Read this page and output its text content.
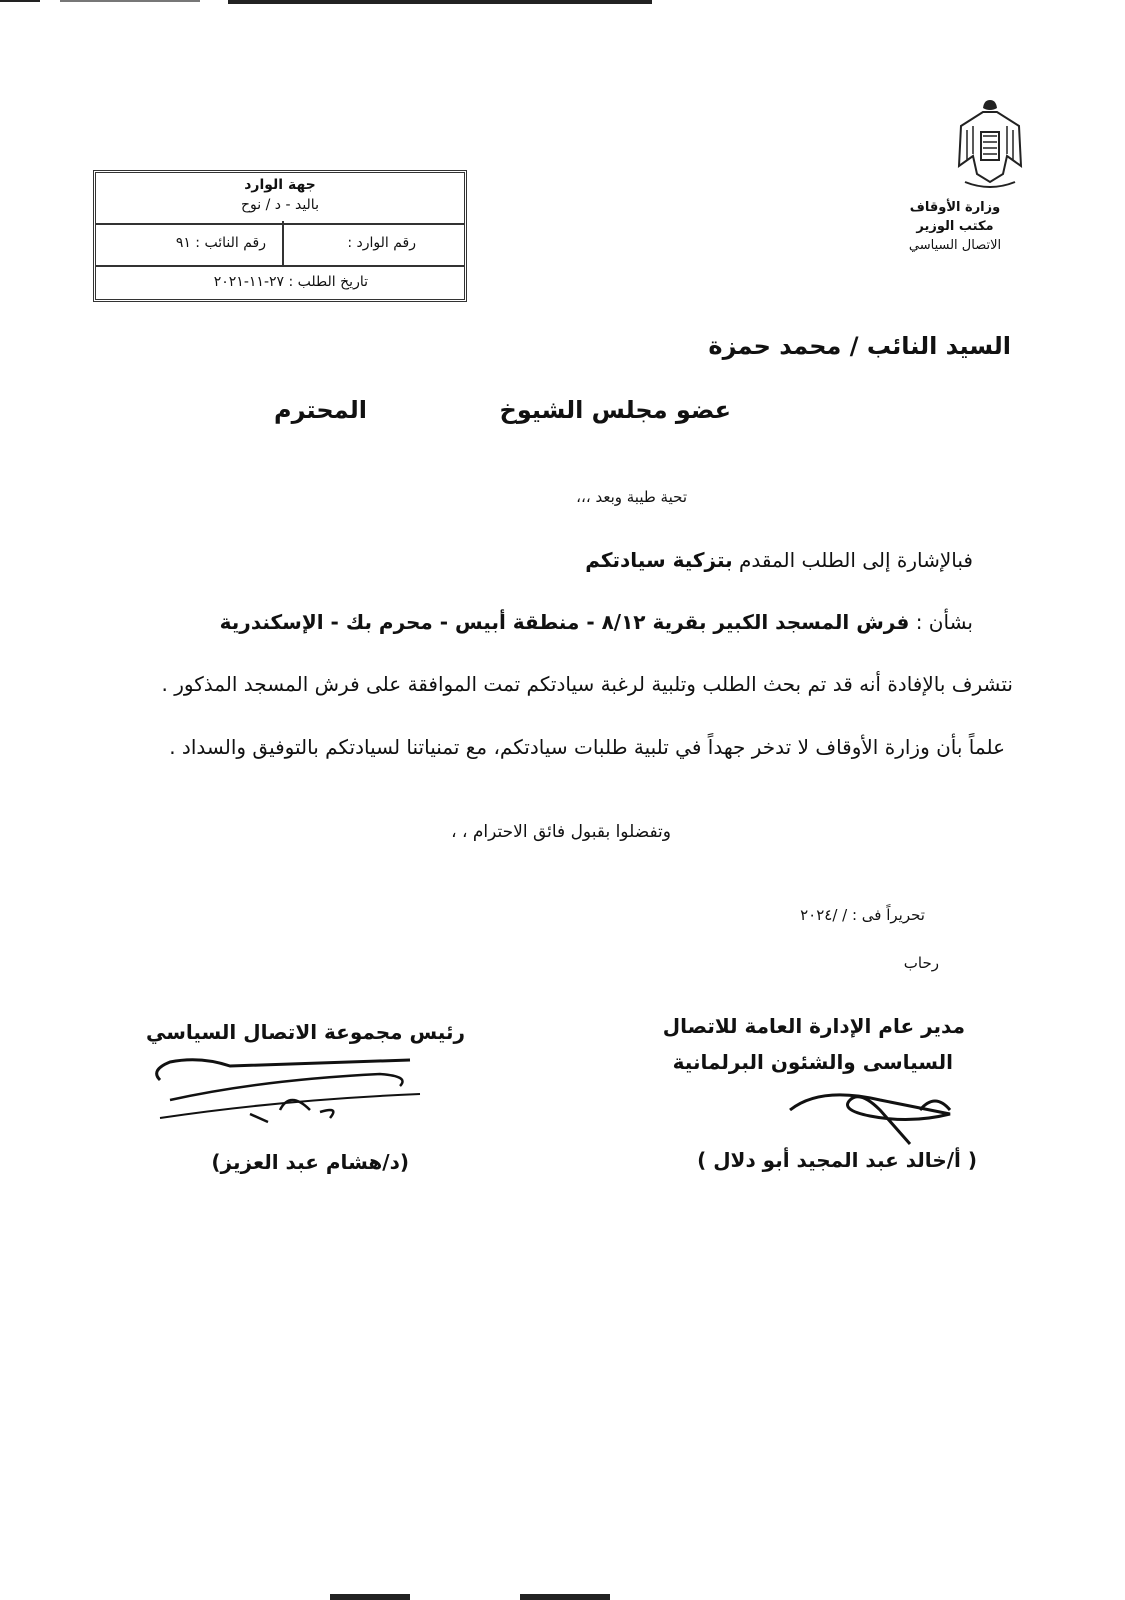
وزارة الأوقاف
مكتب الوزير
الاتصال السياسي
جهة الوارد
باليد - د / نوح
رقم الوارد :
رقم النائب : ٩١
تاريخ الطلب : ٢٧-١١-٢٠٢١
السيد النائب / محمد حمزة
عضو مجلس الشيوخ
المحترم
تحية طيبة وبعد ،،،
فبالإشارة إلى الطلب المقدم بتزكية سيادتكم
بشأن : فرش المسجد الكبير بقرية ٨/١٢ - منطقة أبيس - محرم بك - الإسكندرية
نتشرف بالإفادة أنه قد تم بحث الطلب وتلبية لرغبة سيادتكم تمت الموافقة على فرش المسجد المذكور .
علماً بأن وزارة الأوقاف لا تدخر جهداً في تلبية طلبات سيادتكم، مع تمنياتنا لسيادتكم بالتوفيق والسداد .
وتفضلوا بقبول فائق الاحترام ، ،
تحريراً فى : / /٢٠٢٤
رحاب
مدير عام الإدارة العامة للاتصال
السياسى والشئون البرلمانية
( أ/خالد عبد المجيد أبو دلال )
رئيس مجموعة الاتصال السياسي
(د/هشام عبد العزيز)
